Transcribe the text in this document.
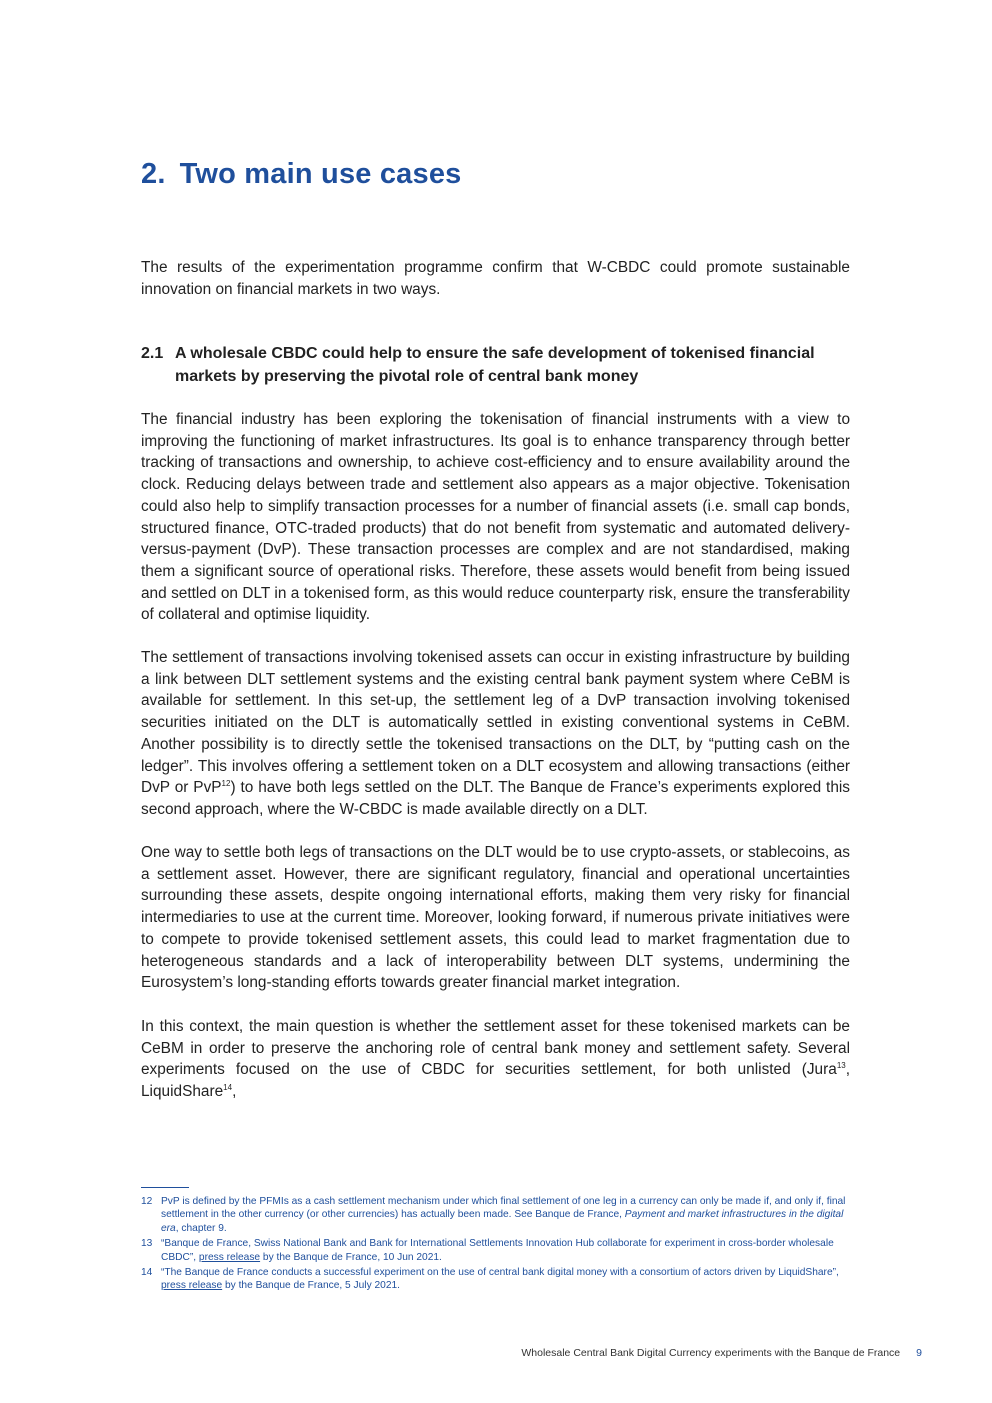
2. Two main use cases

The results of the experimentation programme confirm that W-CBDC could promote sustainable innovation on financial markets in two ways.

2.1 A wholesale CBDC could help to ensure the safe development of tokenised financial markets by preserving the pivotal role of central bank money

The financial industry has been exploring the tokenisation of financial instruments with a view to improving the functioning of market infrastructures. Its goal is to enhance transparency through better tracking of transactions and ownership, to achieve cost-efficiency and to ensure availability around the clock. Reducing delays between trade and settlement also appears as a major objective. Tokenisation could also help to simplify transaction processes for a number of financial assets (i.e. small cap bonds, structured finance, OTC-traded products) that do not benefit from systematic and automated delivery-versus-payment (DvP). These transaction processes are complex and are not standardised, making them a significant source of operational risks. Therefore, these assets would benefit from being issued and settled on DLT in a tokenised form, as this would reduce counterparty risk, ensure the transferability of collateral and optimise liquidity.

The settlement of transactions involving tokenised assets can occur in existing infrastructure by building a link between DLT settlement systems and the existing central bank payment system where CeBM is available for settlement. In this set-up, the settlement leg of a DvP transaction involving tokenised securities initiated on the DLT is automatically settled in existing conventional systems in CeBM. Another possibility is to directly settle the tokenised transactions on the DLT, by “putting cash on the ledger”. This involves offering a settlement token on a DLT ecosystem and allowing transactions (either DvP or PvP$^{12}$) to have both legs settled on the DLT. The Banque de France’s experiments explored this second approach, where the W-CBDC is made available directly on a DLT.

One way to settle both legs of transactions on the DLT would be to use crypto-assets, or stablecoins, as a settlement asset. However, there are significant regulatory, financial and operational uncertainties surrounding these assets, despite ongoing international efforts, making them very risky for financial intermediaries to use at the current time. Moreover, looking forward, if numerous private initiatives were to compete to provide tokenised settlement assets, this could lead to market fragmentation due to heterogeneous standards and a lack of interoperability between DLT systems, undermining the Eurosystem’s long-standing efforts towards greater financial market integration.

In this context, the main question is whether the settlement asset for these tokenised markets can be CeBM in order to preserve the anchoring role of central bank money and settlement safety. Several experiments focused on the use of CBDC for securities settlement, for both unlisted (Jura$^{13}$, LiquidShare$^{14}$,

12 PvP is defined by the PFMIs as a cash settlement mechanism under which final settlement of one leg in a currency can only be made if, and only if, final settlement in the other currency (or other currencies) has actually been made. See Banque de France, Payment and market infrastructures in the digital era, chapter 9.
13 “Banque de France, Swiss National Bank and Bank for International Settlements Innovation Hub collaborate for experiment in cross-border wholesale CBDC”, press release by the Banque de France, 10 Jun 2021.
14 “The Banque de France conducts a successful experiment on the use of central bank digital money with a consortium of actors driven by LiquidShare”, press release by the Banque de France, 5 July 2021.
Wholesale Central Bank Digital Currency experiments with the Banque de France 9
